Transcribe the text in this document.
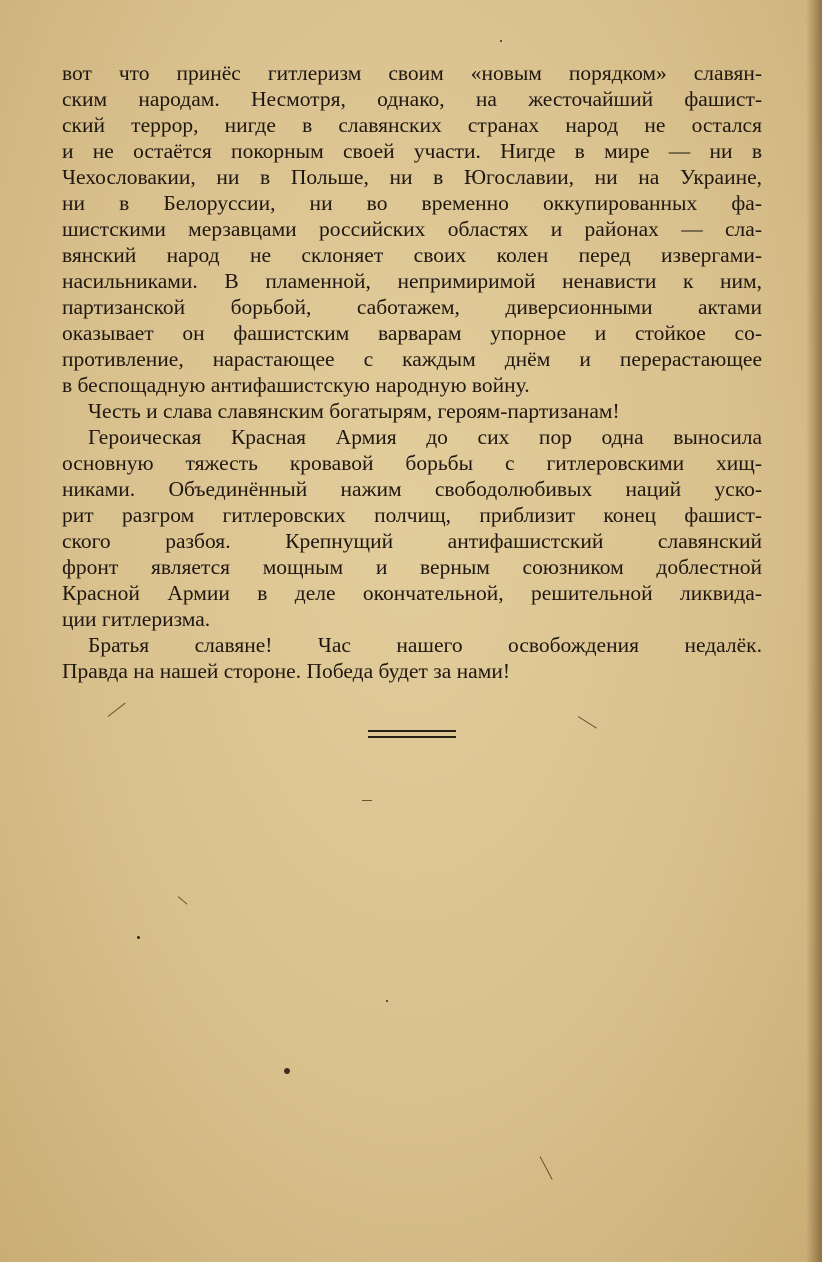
вот что принёс гитлеризм своим «новым порядком» славян-
ским народам. Несмотря, однако, на жесточайший фашист-
ский террор, нигде в славянских странах народ не остался
и не остаётся покорным своей участи. Нигде в мире — ни в
Чехословакии, ни в Польше, ни в Югославии, ни на Украине,
ни в Белоруссии, ни во временно оккупированных фа-
шистскими мерзавцами российских областях и районах — сла-
вянский народ не склоняет своих колен перед извергами-
насильниками. В пламенной, непримиримой ненависти к ним,
партизанской борьбой, саботажем, диверсионными актами
оказывает он фашистским варварам упорное и стойкое со-
противление, нарастающее с каждым днём и перерастающее
в беспощадную антифашистскую народную войну.

Честь и слава славянским богатырям, героям-партизанам!

Героическая Красная Армия до сих пор одна выносила
основную тяжесть кровавой борьбы с гитлеровскими хищ-
никами. Объединённый нажим свободолюбивых наций уско-
рит разгром гитлеровских полчищ, приблизит конец фашист-
ского разбоя. Крепнущий антифашистский славянский
фронт является мощным и верным союзником доблестной
Красной Армии в деле окончательной, решительной ликвида-
ции гитлеризма.

Братья славяне! Час нашего освобождения недалёк.
Правда на нашей стороне. Победа будет за нами!
